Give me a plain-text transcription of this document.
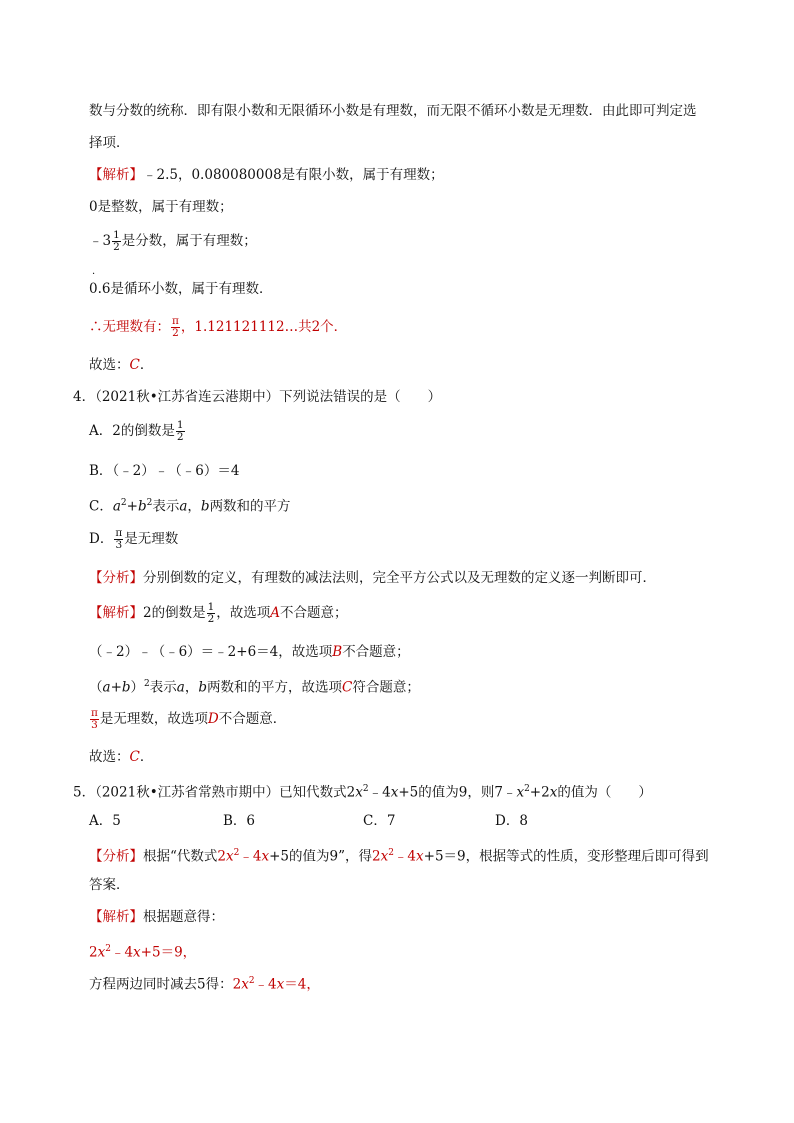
数与分数的统称．即有限小数和无限循环小数是有理数，而无限不循环小数是无理数．由此即可判定选
择项．
【解析】﹣2.5，0.080080008是有限小数，属于有理数；
0是整数，属于有理数；
﹣3 $\frac{1}{2}$ 是分数，属于有理数；
·
0.6是循环小数，属于有理数．
∴无理数有： $\frac{\pi}{2}$ ，1.121121112…共2个．
故选：C．
4．（2021秋•江苏省连云港期中）下列说法错误的是（　　）
A．2的倒数是 $\frac{1}{2}$
B．（﹣2）﹣（﹣6）＝4
C．$a^2+b^2$表示a，b两数和的平方
D． $\frac{\pi}{3}$ 是无理数
【分析】分别倒数的定义，有理数的减法法则，完全平方公式以及无理数的定义逐一判断即可．
【解析】2的倒数是 $\frac{1}{2}$ ，故选项A不合题意；
（﹣2）﹣（﹣6）＝﹣2+6＝4，故选项B不合题意；
$(a+b)^2$表示a，b两数和的平方，故选项C符合题意；
$\frac{\pi}{3}$ 是无理数，故选项D不合题意．
故选：C．
5．（2021秋•江苏省常熟市期中）已知代数式$2x^2﹣4x+5$的值为9，则$7﹣x^2+2x$的值为（　　）
A．5	B．6	C．7	D．8
【分析】根据“代数式$2x^2﹣4x+5$的值为9”，得$2x^2﹣4x+5=9$，根据等式的性质，变形整理后即可得到
答案．
【解析】根据题意得：
$2x^2﹣4x+5=9$，
方程两边同时减去5得：$2x^2﹣4x=4$，
